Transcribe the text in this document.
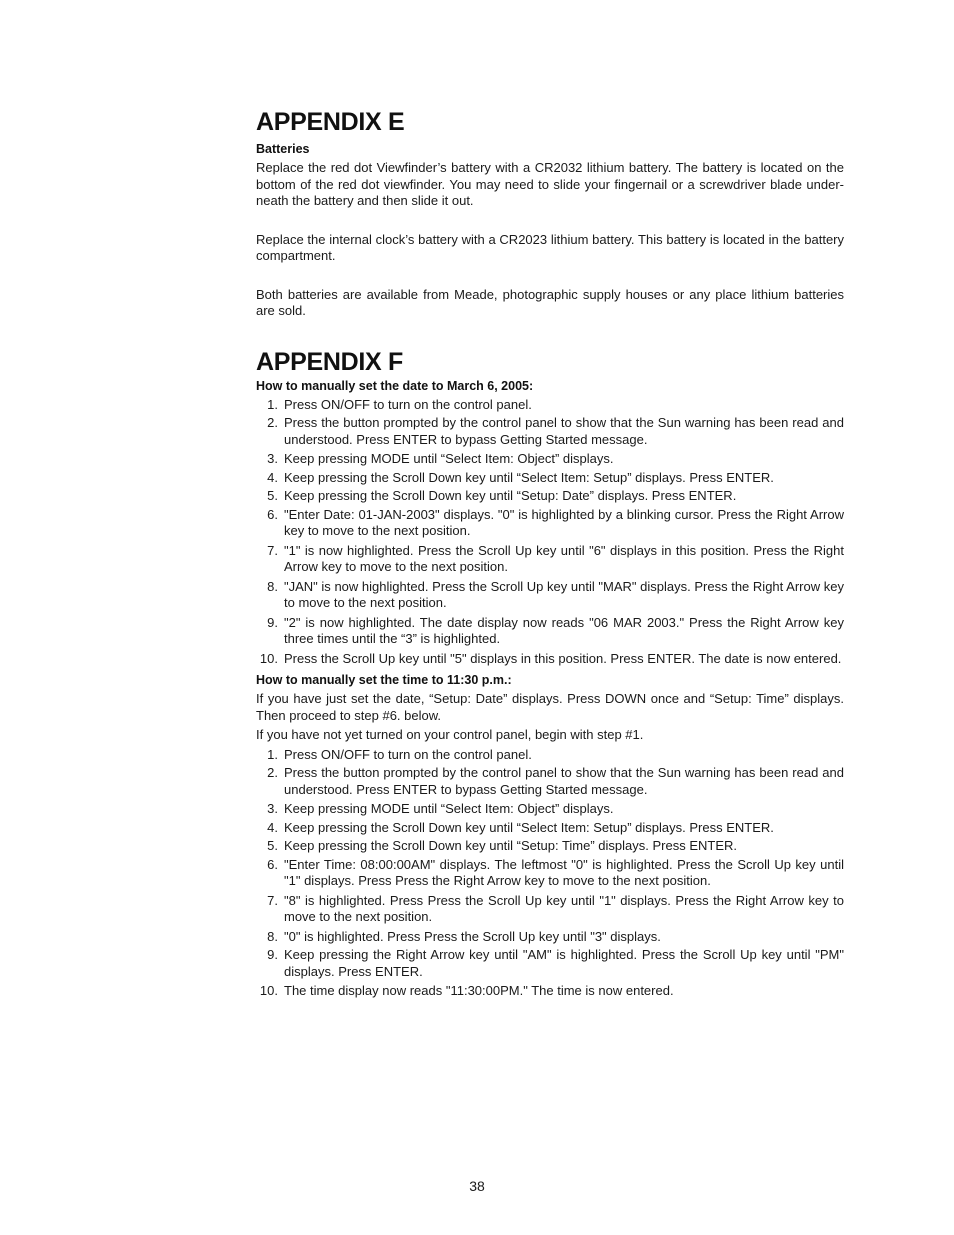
APPENDIX E
Batteries

Replace the red dot Viewfinder’s battery with a CR2032 lithium battery. The battery is located on the bottom of the red dot viewfinder. You may need to slide your fingernail or a screwdriver blade underneath the battery and then slide it out.

Replace the internal clock’s battery with a CR2023 lithium battery. This battery is located in the battery compartment.

Both batteries are available from Meade, photographic supply houses or any place lithium batteries are sold.

APPENDIX F
How to manually set the date to March 6, 2005:
1. Press ON/OFF to turn on the control panel.
2. Press the button prompted by the control panel to show that the Sun warning has been read and understood. Press ENTER to bypass Getting Started message.
3. Keep pressing MODE until “Select Item: Object” displays.
4. Keep pressing the Scroll Down key until “Select Item: Setup” displays. Press ENTER.
5. Keep pressing the Scroll Down key until “Setup: Date” displays. Press ENTER.
6. "Enter Date: 01-JAN-2003" displays. "0" is highlighted by a blinking cursor. Press the Right Arrow key to move to the next position.
7. "1" is now highlighted. Press the Scroll Up key until "6" displays in this position. Press the Right Arrow key to move to the next position.
8. "JAN" is now highlighted. Press the Scroll Up key until "MAR" displays. Press the Right Arrow key to move to the next position.
9. "2" is now highlighted. The date display now reads "06 MAR 2003." Press the Right Arrow key three times until the “3” is highlighted.
10. Press the Scroll Up key until "5" displays in this position. Press ENTER. The date is now entered.
How to manually set the time to 11:30 p.m.:

If you have just set the date, “Setup: Date” displays. Press DOWN once and “Setup: Time” displays. Then proceed to step #6. below.

If you have not yet turned on your control panel, begin with step #1.

1. Press ON/OFF to turn on the control panel.
2. Press the button prompted by the control panel to show that the Sun warning has been read and understood. Press ENTER to bypass Getting Started message.
3. Keep pressing MODE until “Select Item: Object” displays.
4. Keep pressing the Scroll Down key until “Select Item: Setup” displays. Press ENTER.
5. Keep pressing the Scroll Down key until “Setup: Time” displays. Press ENTER.
6. "Enter Time: 08:00:00AM" displays. The leftmost "0" is highlighted. Press the Scroll Up key until "1" displays. Press Press the Right Arrow key to move to the next position.
7. "8" is highlighted. Press Press the Scroll Up key until "1" displays. Press the Right Arrow key to move to the next position.
8. "0" is highlighted. Press Press the Scroll Up key until "3" displays.
9. Keep pressing the Right Arrow key until "AM" is highlighted. Press the Scroll Up key until "PM" displays. Press ENTER.
10. The time display now reads "11:30:00PM." The time is now entered.
38
